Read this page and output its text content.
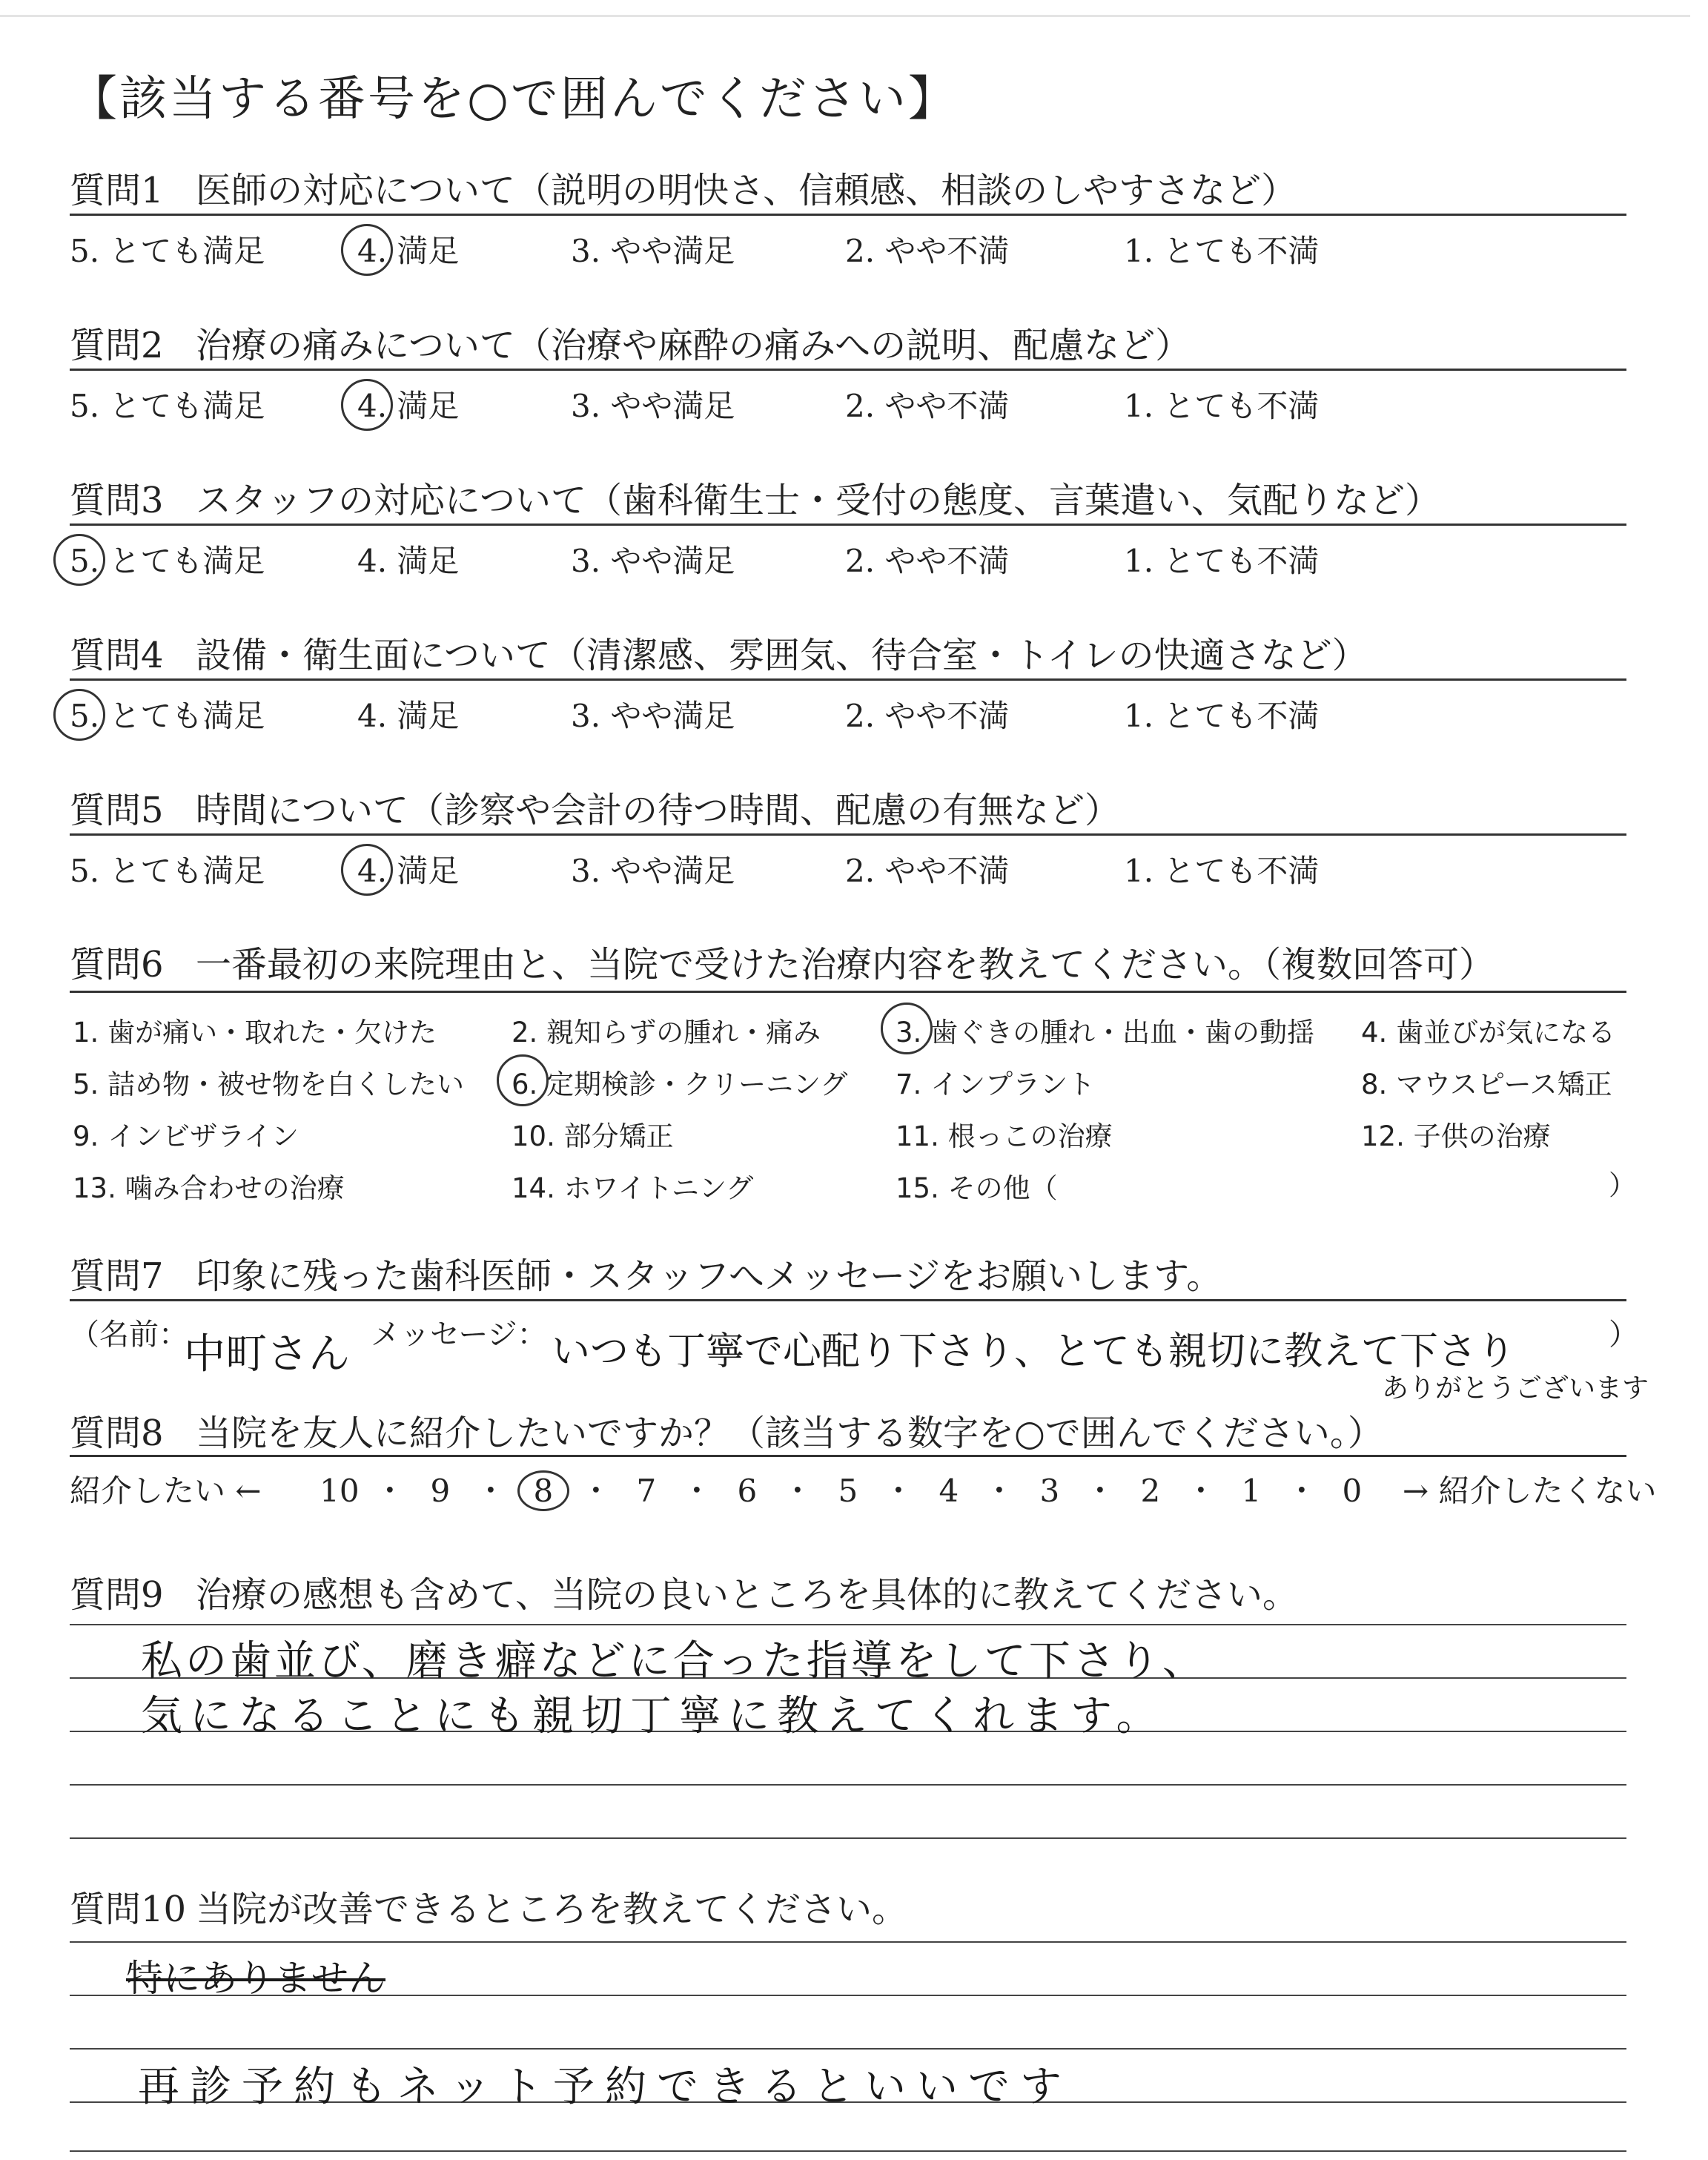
【該当する番号を○で囲んでください】
質問1 医師の対応について（説明の明快さ、信頼感、相談のしやすさなど）
5. とても満足	4. 満足	3. やや満足	2. やや不満	1. とても不満
質問2 治療の痛みについて（治療や麻酔の痛みへの説明、配慮など）
5. とても満足	4. 満足	3. やや満足	2. やや不満	1. とても不満
質問3 スタッフの対応について（歯科衛生士・受付の態度、言葉遣い、気配りなど）
5. とても満足	4. 満足	3. やや満足	2. やや不満	1. とても不満
質問4 設備・衛生面について（清潔感、雰囲気、待合室・トイレの快適さなど）
5. とても満足	4. 満足	3. やや満足	2. やや不満	1. とても不満
質問5 時間について（診察や会計の待つ時間、配慮の有無など）
5. とても満足	4. 満足	3. やや満足	2. やや不満	1. とても不満
質問6 一番最初の来院理由と、当院で受けた治療内容を教えてください。（複数回答可）
1. 歯が痛い・取れた・欠けた	2. 親知らずの腫れ・痛み	3. 歯ぐきの腫れ・出血・歯の動揺 4. 歯並びが気になる
5. 詰め物・被せ物を白くしたい 6. 定期検診・クリーニング 7. インプラント	8. マウスピース矯正
9. インビザライン	10. 部分矯正	11. 根っこの治療	12. 子供の治療
13. 噛み合わせの治療	14. ホワイトニング	15. その他（	）
質問7 印象に残った歯科医師・スタッフへメッセージをお願いします。
（名前：
中町さん メッセージ： いつも丁寧で心配り下さり、とても親切に教えて下さり
ありがとうございます
）
質問8 当院を友人に紹介したいですか？（該当する数字を○で囲んでください。）
紹介したい ← 10 ・ 9 ・ 8 ・ 7 ・ 6 ・ 5 ・ 4 ・ 3 ・ 2 ・ 1 ・ 0 → 紹介したくない
質問9 治療の感想も含めて、当院の良いところを具体的に教えてください。
私の歯並び、磨き癖などに合った指導をして下さり、
気になることにも親切丁寧に教えてくれます。
質問10 当院が改善できるところを教えてください。
特にありません
再診予約もネット予約できるといいです
